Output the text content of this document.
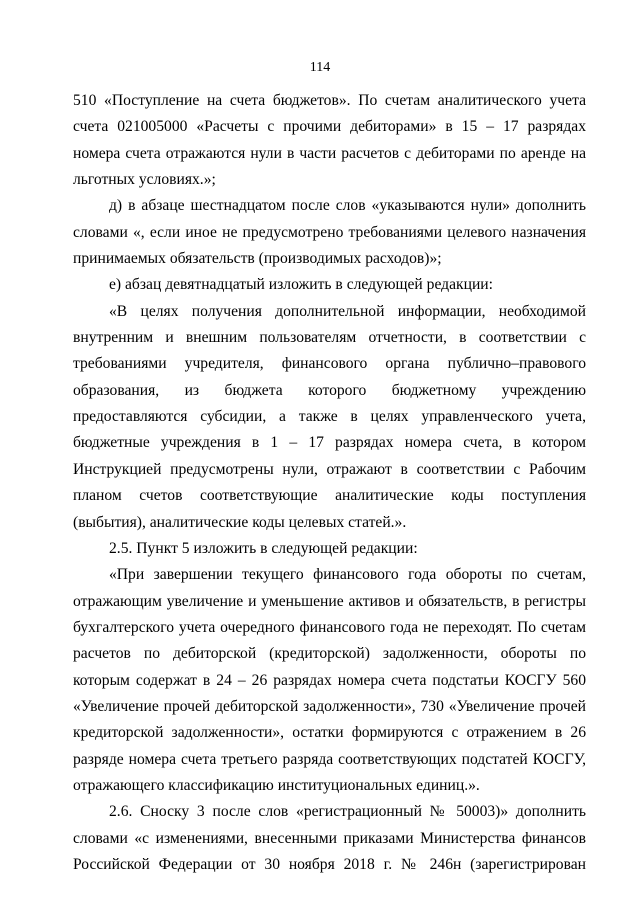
114

510 «Поступление на счета бюджетов». По счетам аналитического учета счета 021005000 «Расчеты с прочими дебиторами» в 15 – 17 разрядах номера счета отражаются нули в части расчетов с дебиторами по аренде на льготных условиях.»;

д) в абзаце шестнадцатом после слов «указываются нули» дополнить словами «, если иное не предусмотрено требованиями целевого назначения принимаемых обязательств (производимых расходов)»;

е) абзац девятнадцатый изложить в следующей редакции:

«В целях получения дополнительной информации, необходимой внутренним и внешним пользователям отчетности, в соответствии с требованиями учредителя, финансового органа публично–правового образования, из бюджета которого бюджетному учреждению предоставляются субсидии, а также в целях управленческого учета, бюджетные учреждения в 1 – 17 разрядах номера счета, в котором Инструкцией предусмотрены нули, отражают в соответствии с Рабочим планом счетов соответствующие аналитические коды поступления (выбытия), аналитические коды целевых статей.».

2.5. Пункт 5 изложить в следующей редакции:

«При завершении текущего финансового года обороты по счетам, отражающим увеличение и уменьшение активов и обязательств, в регистры бухгалтерского учета очередного финансового года не переходят. По счетам расчетов по дебиторской (кредиторской) задолженности, обороты по которым содержат в 24 – 26 разрядах номера счета подстатьи КОСГУ 560 «Увеличение прочей дебиторской задолженности», 730 «Увеличение прочей кредиторской задолженности», остатки формируются с отражением в 26 разряде номера счета третьего разряда соответствующих подстатей КОСГУ, отражающего классификацию институциональных единиц.».

2.6. Сноску 3 после слов «регистрационный № 50003)» дополнить словами «с изменениями, внесенными приказами Министерства финансов Российской Федерации от 30 ноября 2018 г. № 246н (зарегистрирован
